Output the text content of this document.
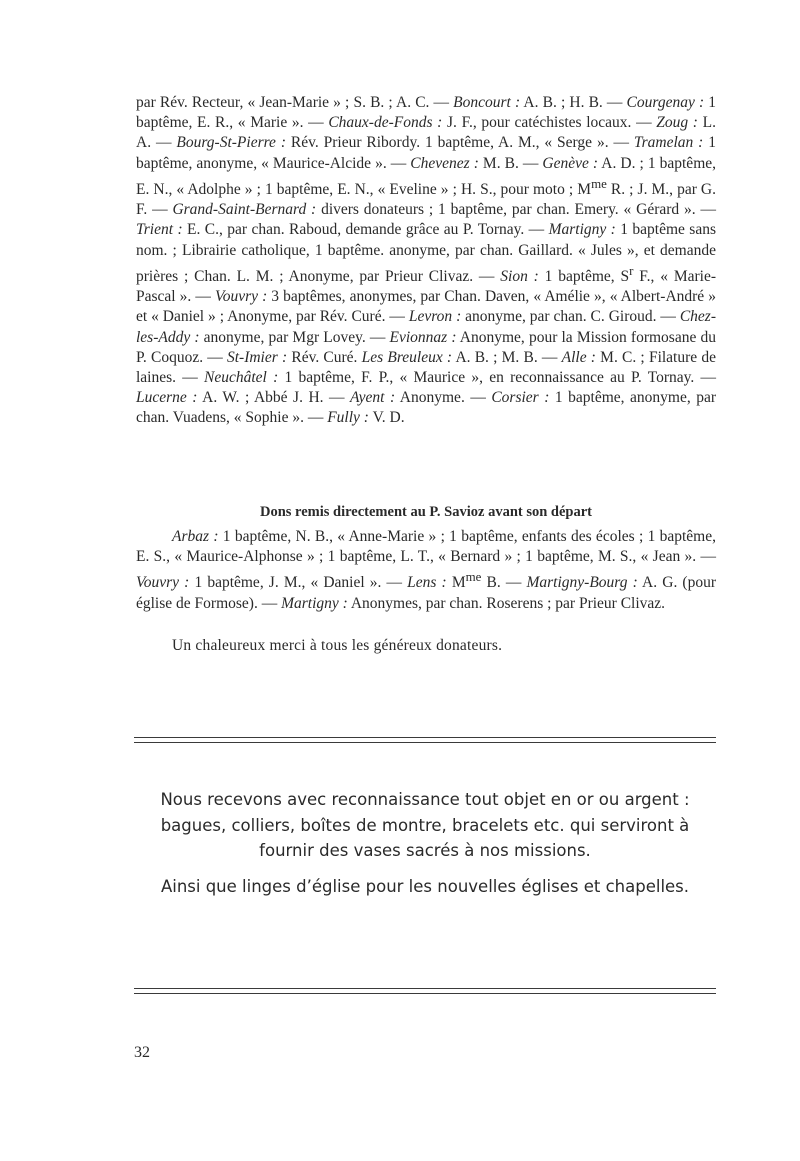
par Rév. Recteur, « Jean-Marie » ; S. B. ; A. C. — Boncourt : A. B. ; H. B. — Courgenay : 1 baptême, E. R., « Marie ». — Chaux-de-Fonds : J. F., pour catéchistes locaux. — Zoug : L. A. — Bourg-St-Pierre : Rév. Prieur Ribordy. 1 baptême, A. M., « Serge ». — Tramelan : 1 baptême, anonyme, « Maurice-Alcide ». — Chevenez : M. B. — Genève : A. D. ; 1 baptême, E. N., « Adolphe » ; 1 baptême, E. N., « Eveline » ; H. S., pour moto ; $M^{me}$ R. ; J. M., par G. F. — Grand-Saint-Bernard : divers donateurs ; 1 baptême, par chan. Emery. « Gérard ». — Trient : E. C., par chan. Raboud, demande grâce au P. Tornay. — Martigny : 1 baptême sans nom. ; Librairie catholique, 1 baptême. anonyme, par chan. Gaillard. « Jules », et demande prières ; Chan. L. M. ; Anonyme, par Prieur Clivaz. — Sion : 1 baptême, $S^r$ F., « Marie-Pascal ». — Vouvry : 3 baptêmes, anonymes, par Chan. Daven, « Amélie », « Albert-André » et « Daniel » ; Anonyme, par Rév. Curé. — Levron : anonyme, par chan. C. Giroud. — Chez-les-Addy : anonyme, par Mgr Lovey. — Evionnaz : Anonyme, pour la Mission formosane du P. Coquoz. — St-Imier : Rév. Curé. Les Breuleux : A. B. ; M. B. — Alle : M. C. ; Filature de laines. — Neuchâtel : 1 baptême, F. P., « Maurice », en reconnaissance au P. Tornay. — Lucerne : A. W. ; Abbé J. H. — Ayent : Anonyme. — Corsier : 1 baptême, anonyme, par chan. Vuadens, « Sophie ». — Fully : V. D.

Dons remis directement au P. Savioz avant son départ

Arbaz : 1 baptême, N. B., « Anne-Marie » ; 1 baptême, enfants des écoles ; 1 baptême, E. S., « Maurice-Alphonse » ; 1 baptême, L. T., « Bernard » ; 1 baptême, M. S., « Jean ». — Vouvry : 1 baptême, J. M., « Daniel ». — Lens : $M^{me}$ B. — Martigny-Bourg : A. G. (pour église de Formose). — Martigny : Anonymes, par chan. Roserens ; par Prieur Clivaz.

Un chaleureux merci à tous les généreux donateurs.

Nous recevons avec reconnaissance tout objet en or ou argent : bagues, colliers, boîtes de montre, bracelets etc. qui serviront à fournir des vases sacrés à nos missions.
Ainsi que linges d’église pour les nouvelles églises et chapelles.
32
